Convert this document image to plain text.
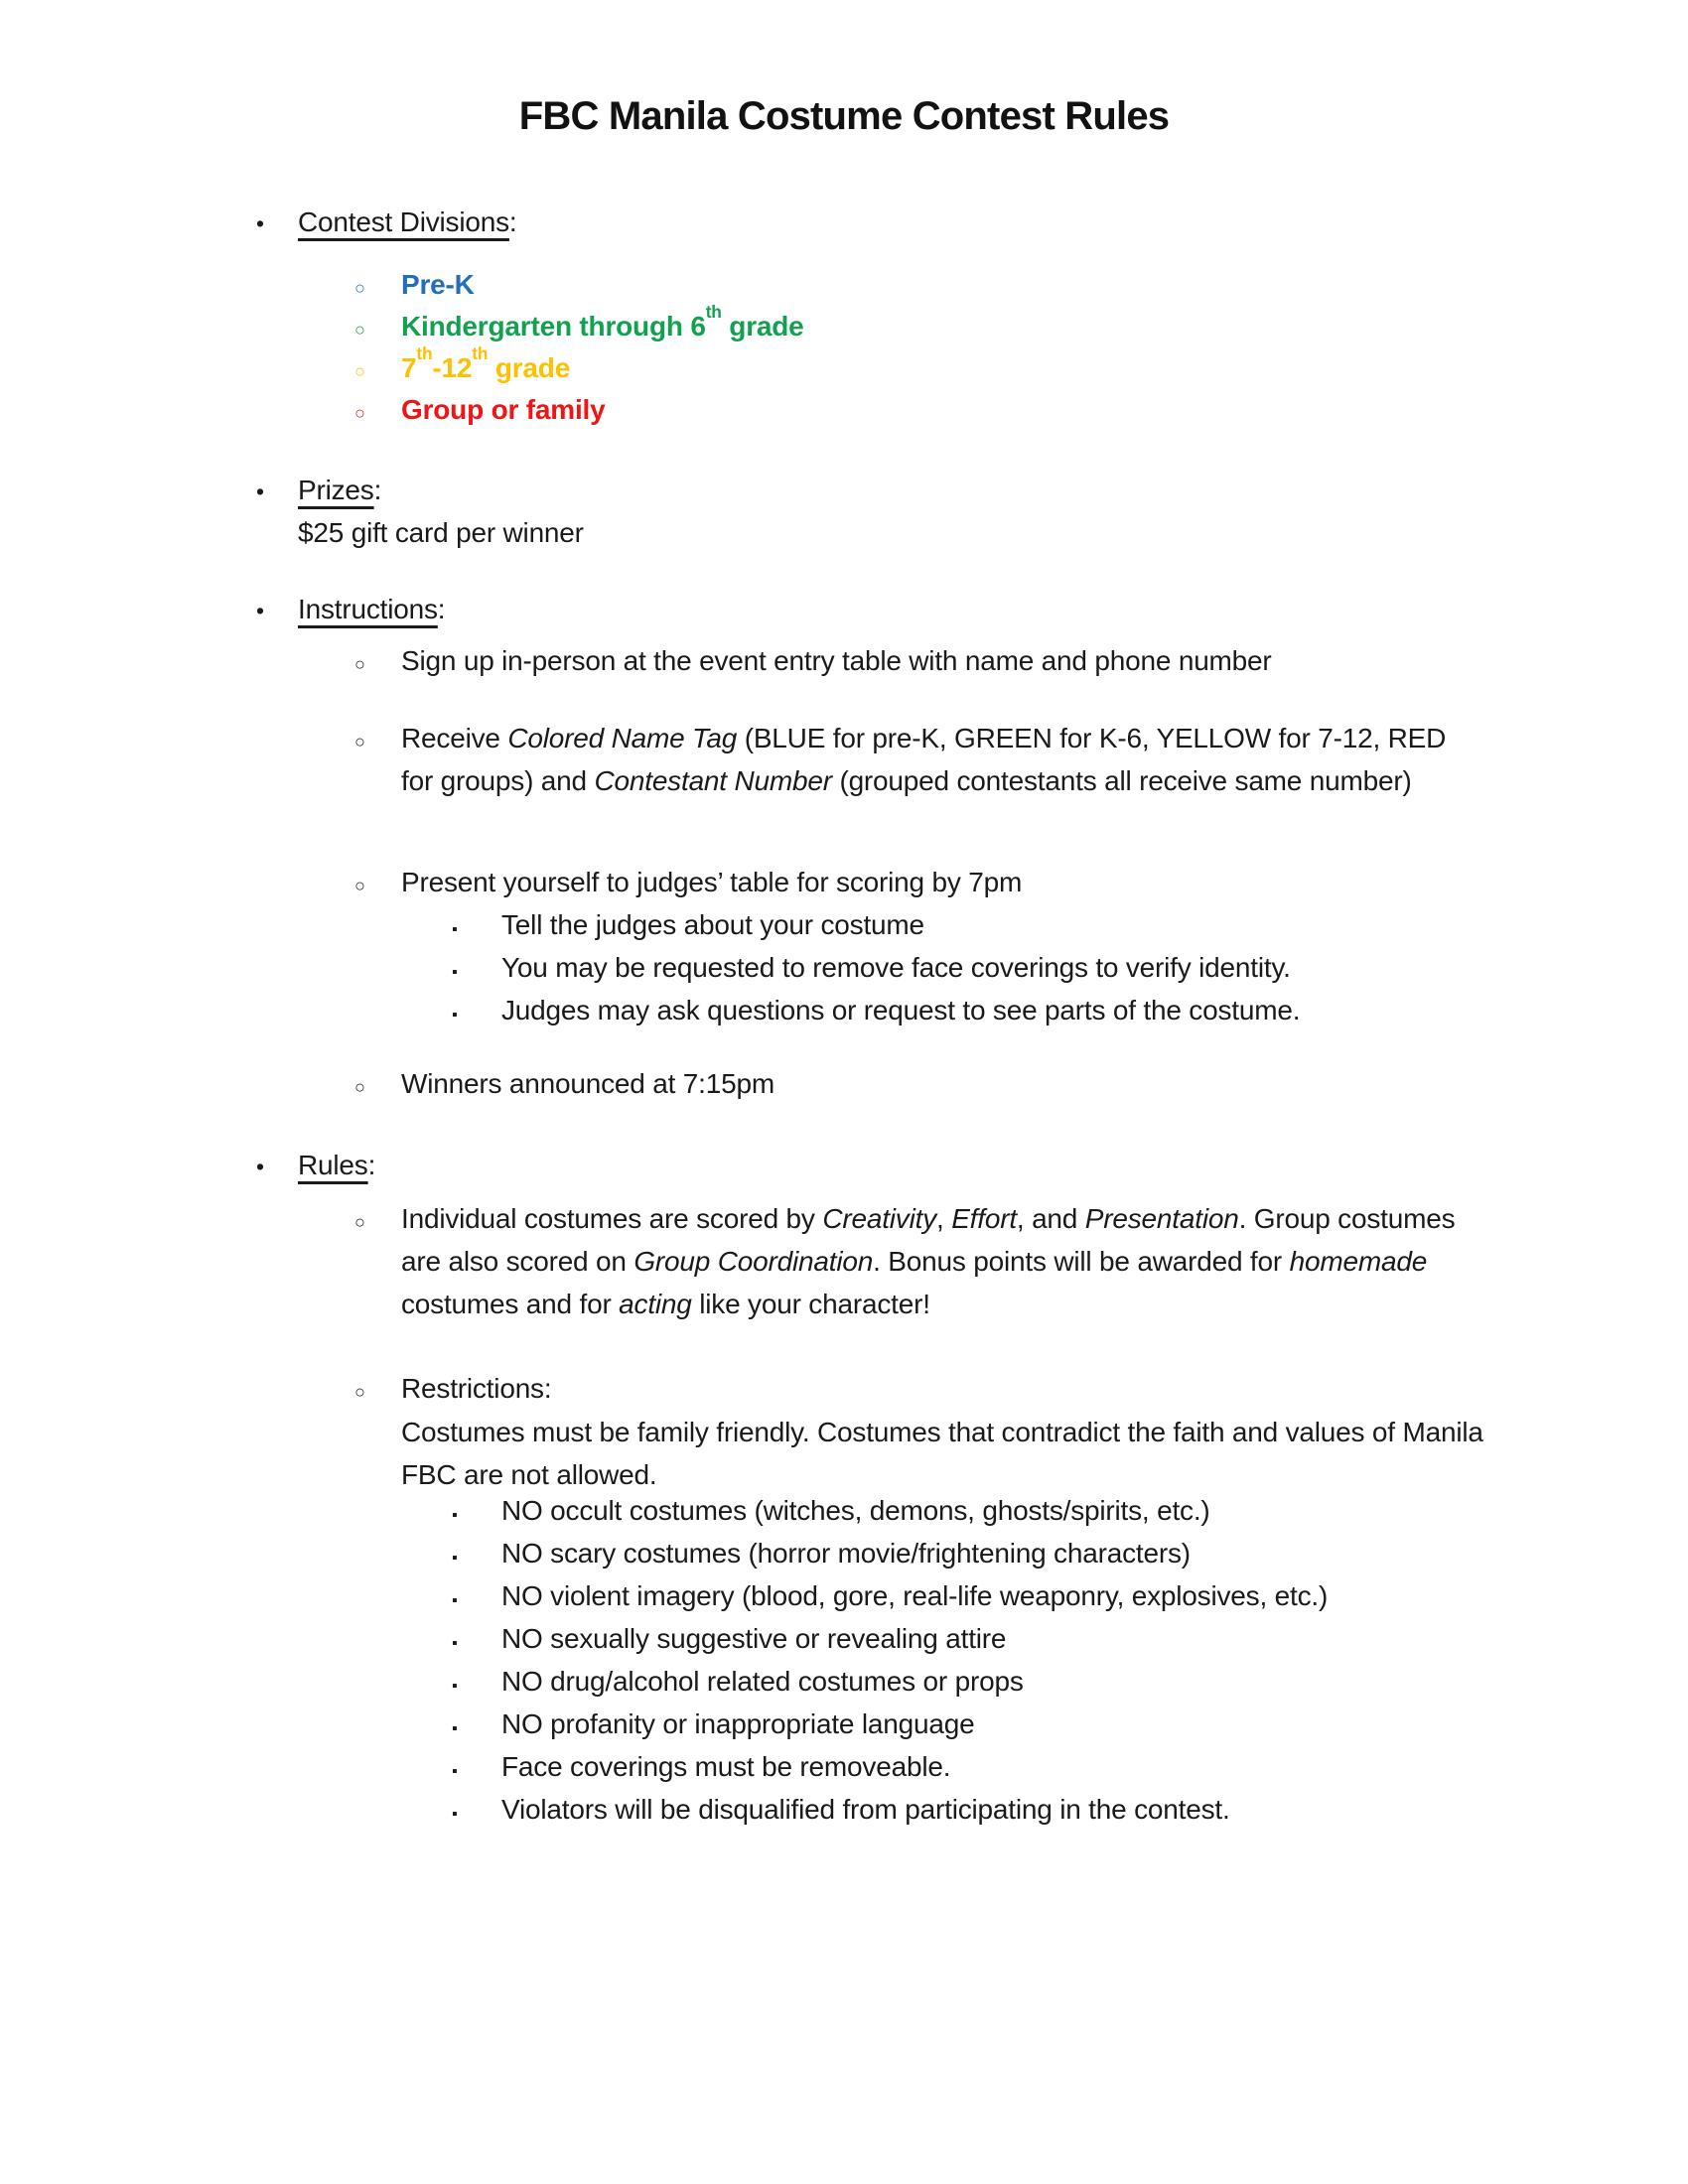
FBC Manila Costume Contest Rules
•	Contest Divisions:
○	Pre-K
○	Kindergarten through 6th grade
○	7th-12th grade
○	Group or family
•	Prizes:
$25 gift card per winner
•	Instructions:
○	Sign up in-person at the event entry table with name and phone number
○	Receive Colored Name Tag (BLUE for pre-K, GREEN for K-6, YELLOW for 7-12, RED for groups) and Contestant Number (grouped contestants all receive same number)
○	Present yourself to judges’ table for scoring by 7pm
▪	Tell the judges about your costume
▪	You may be requested to remove face coverings to verify identity.
▪	Judges may ask questions or request to see parts of the costume.
○	Winners announced at 7:15pm
•	Rules:
○	Individual costumes are scored by Creativity, Effort, and Presentation. Group costumes are also scored on Group Coordination. Bonus points will be awarded for homemade costumes and for acting like your character!
○	Restrictions:
Costumes must be family friendly. Costumes that contradict the faith and values of Manila FBC are not allowed.
▪	NO occult costumes (witches, demons, ghosts/spirits, etc.)
▪	NO scary costumes (horror movie/frightening characters)
▪	NO violent imagery (blood, gore, real-life weaponry, explosives, etc.)
▪	NO sexually suggestive or revealing attire
▪	NO drug/alcohol related costumes or props
▪	NO profanity or inappropriate language
▪	Face coverings must be removeable.
▪	Violators will be disqualified from participating in the contest.
